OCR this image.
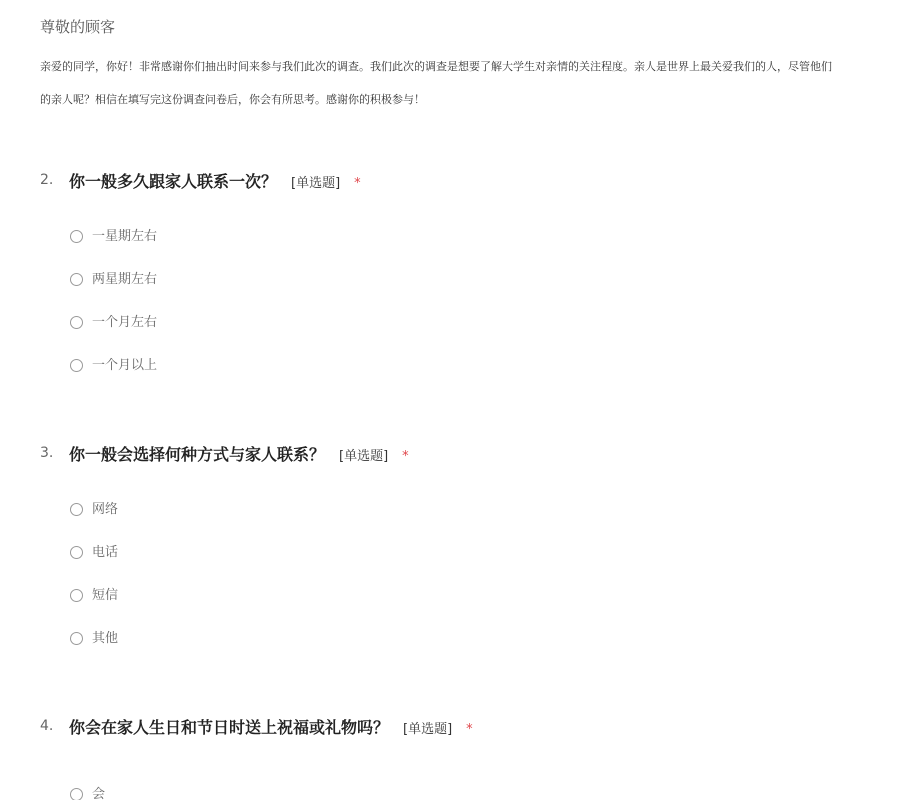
尊敬的顾客
亲爱的同学，你好！非常感谢你们抽出时间来参与我们此次的调查。我们此次的调查是想要了解大学生对亲情的关注程度。亲人是世界上最关爱我们的人，尽管他们
的亲人呢？相信在填写完这份调查问卷后，你会有所思考。感谢你的积极参与！
2. 你一般多久跟家人联系一次？ [单选题] *
一星期左右
两星期左右
一个月左右
一个月以上
3. 你一般会选择何种方式与家人联系？ [单选题] *
网络
电话
短信
其他
4. 你会在家人生日和节日时送上祝福或礼物吗？ [单选题] *
会
